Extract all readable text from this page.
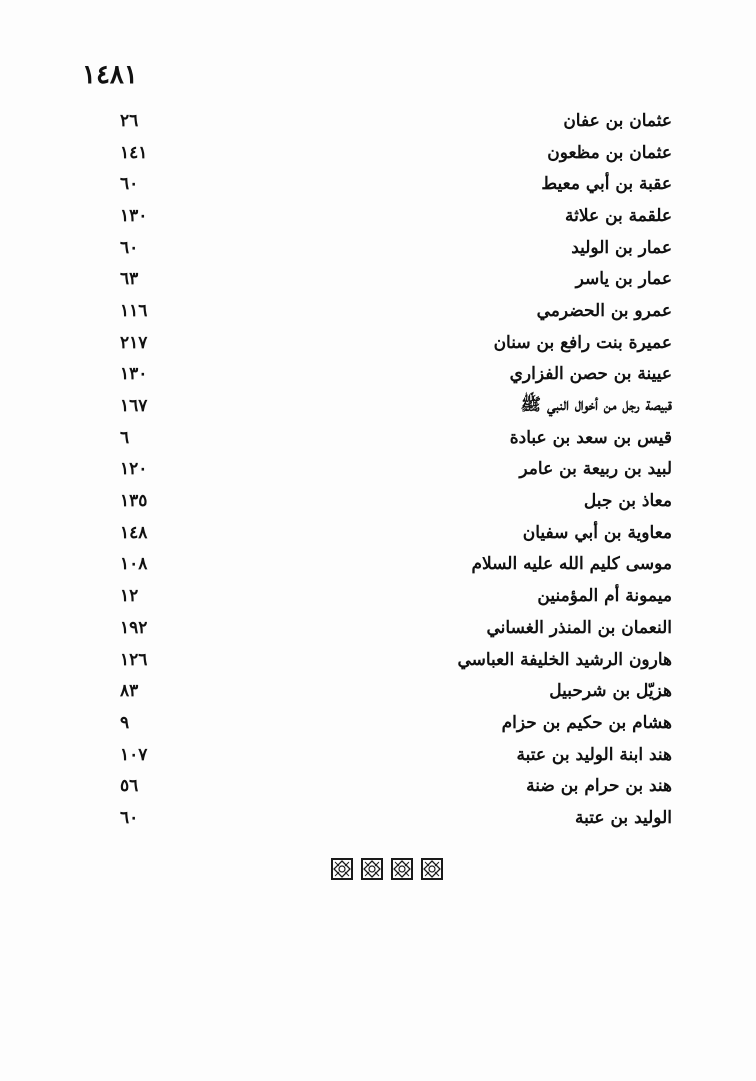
١٤٨١
عثمان بن عفان
٢٦
عثمان بن مظعون
١٤١
عقبة بن أبي معيط
٦٠
علقمة بن علاثة
١٣٠
عمار بن الوليد
٦٠
عمار بن ياسر
٦٣
عمرو بن الحضرمي
١١٦
عميرة بنت رافع بن سنان
٢١٧
عيينة بن حصن الفزاري
١٣٠
قبيصة رجل من أخوال النبي ﷺ
١٦٧
قيس بن سعد بن عبادة
٦
لبيد بن ربيعة بن عامر
١٢٠
معاذ بن جبل
١٣٥
معاوية بن أبي سفيان
١٤٨
موسى كليم الله عليه السلام
١٠٨
ميمونة أم المؤمنين
١٢
النعمان بن المنذر الغساني
١٩٢
هارون الرشيد الخليفة العباسي
١٢٦
هزيّل بن شرحبيل
٨٣
هشام بن حكيم بن حزام
٩
هند ابنة الوليد بن عتبة
١٠٧
هند بن حرام بن ضنة
٥٦
الوليد بن عتبة
٦٠
